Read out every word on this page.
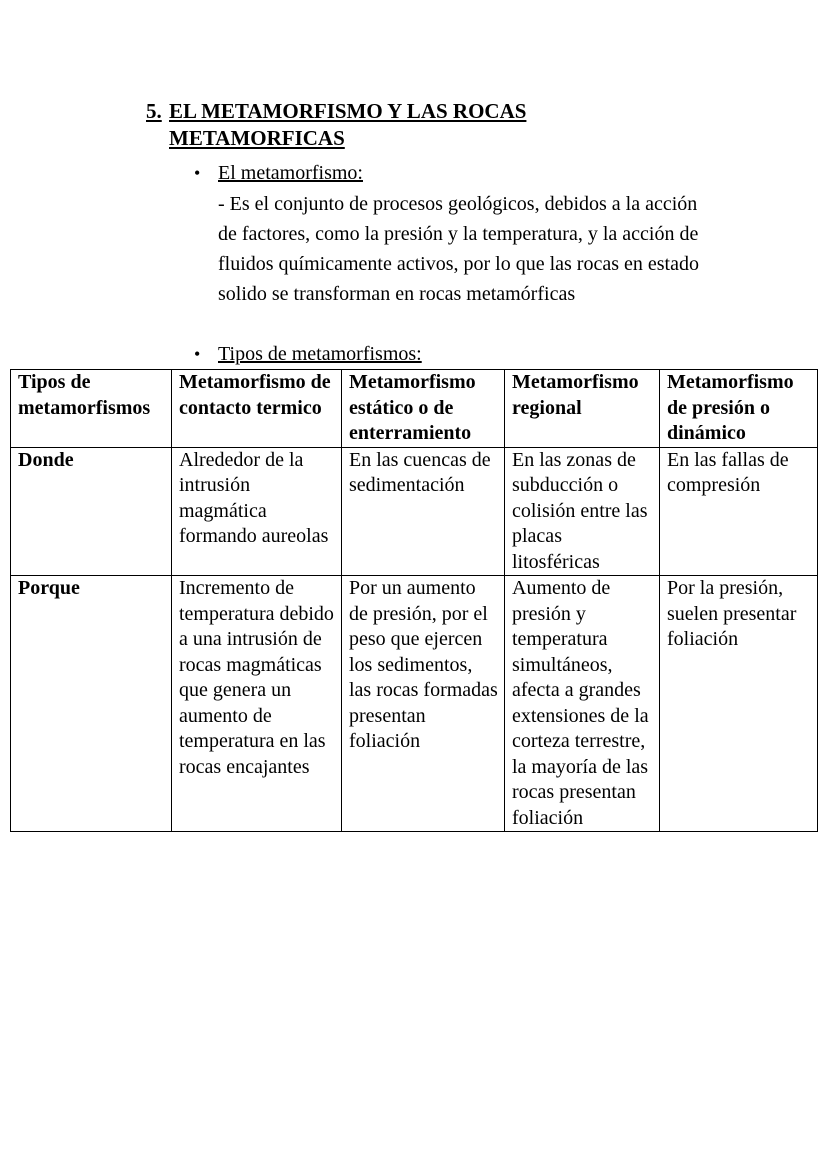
5. EL METAMORFISMO Y LAS ROCAS METAMORFICAS
• El metamorfismo:
- Es el conjunto de procesos geológicos, debidos a la acción de factores, como la presión y la temperatura, y la acción de fluidos químicamente activos, por lo que las rocas en estado solido se transforman en rocas metamórficas
• Tipos de metamorfismos:
Tipos de metamorfismos	Metamorfismo de contacto termico	Metamorfismo estático o de enterramiento	Metamorfismo regional	Metamorfismo de presión o dinámico
Donde	Alrededor de la intrusión magmática formando aureolas	En las cuencas de sedimentación	En las zonas de subducción o colisión entre las placas litosféricas	En las fallas de compresión
Porque	Incremento de temperatura debido a una intrusión de rocas magmáticas que genera un aumento de temperatura en las rocas encajantes	Por un aumento de presión, por el peso que ejercen los sedimentos, las rocas formadas presentan foliación	Aumento de presión y temperatura simultáneos, afecta a grandes extensiones de la corteza terrestre, la mayoría de las rocas presentan foliación	Por la presión, suelen presentar foliación
